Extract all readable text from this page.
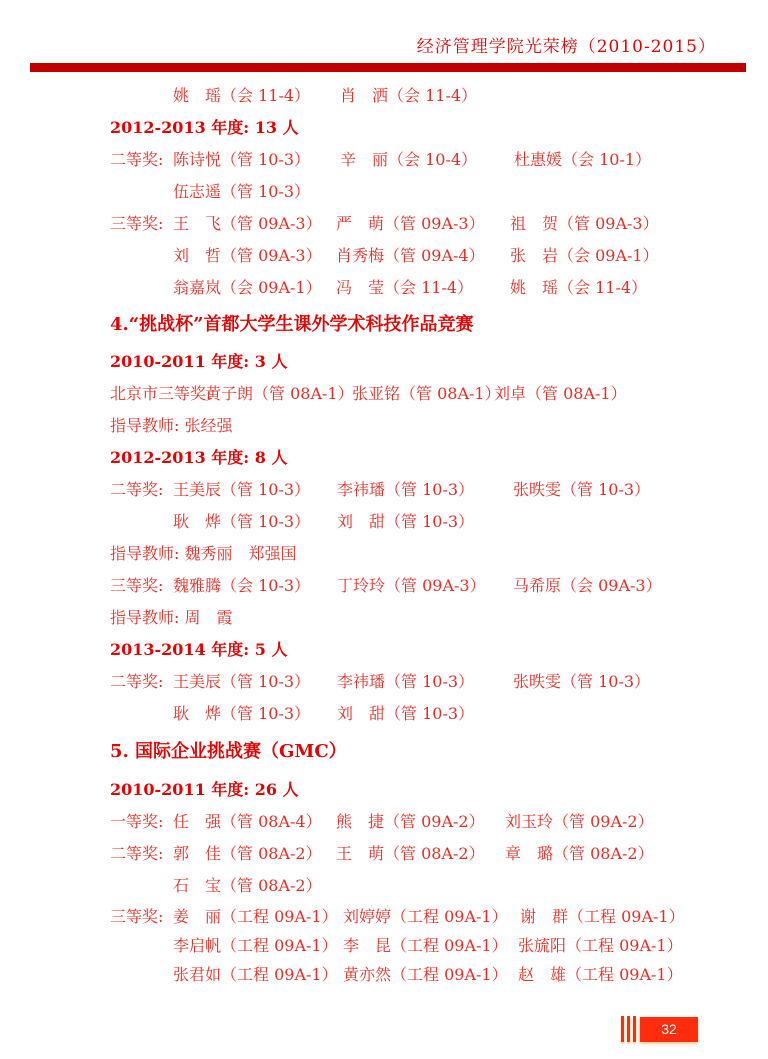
经济管理学院光荣榜（2010-2015）
姚　瑶（会 11-4） 肖　洒（会 11-4）
2012-2013 年度: 13 人
二等奖: 陈诗悦（管 10-3） 辛　丽（会 10-4） 杜惠媛（会 10-1）
伍志遥（管 10-3）
三等奖: 王　飞（管 09A-3） 严　萌（管 09A-3） 祖　贺（管 09A-3）
刘　哲（管 09A-3） 肖秀梅（管 09A-4） 张　岩（会 09A-1）
翁嘉岚（会 09A-1） 冯　莹（会 11-4） 姚　瑶（会 11-4）
4.“挑战杯”首都大学生课外学术科技作品竞赛
2010-2011 年度: 3 人
北京市三等奖:
黄子朗（管 08A-1）
张亚铭（管 08A-1）
刘卓（管 08A-1）
指导教师: 张经强
2012-2013 年度: 8 人
二等奖: 王美辰（管 10-3） 李祎璠（管 10-3） 张昳雯（管 10-3）
耿　烨（管 10-3） 刘　甜（管 10-3）
指导教师: 魏秀丽　郑强国
三等奖: 魏雅腾（会 10-3） 丁玲玲（管 09A-3） 马希原（会 09A-3）
指导教师: 周　霞
2013-2014 年度: 5 人
二等奖: 王美辰（管 10-3） 李祎璠（管 10-3） 张昳雯（管 10-3）
耿　烨（管 10-3） 刘　甜（管 10-3）
5. 国际企业挑战赛（GMC）
2010-2011 年度: 26 人
一等奖: 任　强（管 08A-4） 熊　捷（管 09A-2） 刘玉玲（管 09A-2）
二等奖: 郭　佳（管 08A-2） 王　萌（管 08A-2） 章　璐（管 08A-2）
石　宝（管 08A-2）
三等奖: 姜　丽（工程 09A-1） 刘婷婷（工程 09A-1） 谢　群（工程 09A-1）
李启帆（工程 09A-1） 李　昆（工程 09A-1） 张旈阳（工程 09A-1）
张君如（工程 09A-1） 黄亦然（工程 09A-1） 赵　雄（工程 09A-1）
32
